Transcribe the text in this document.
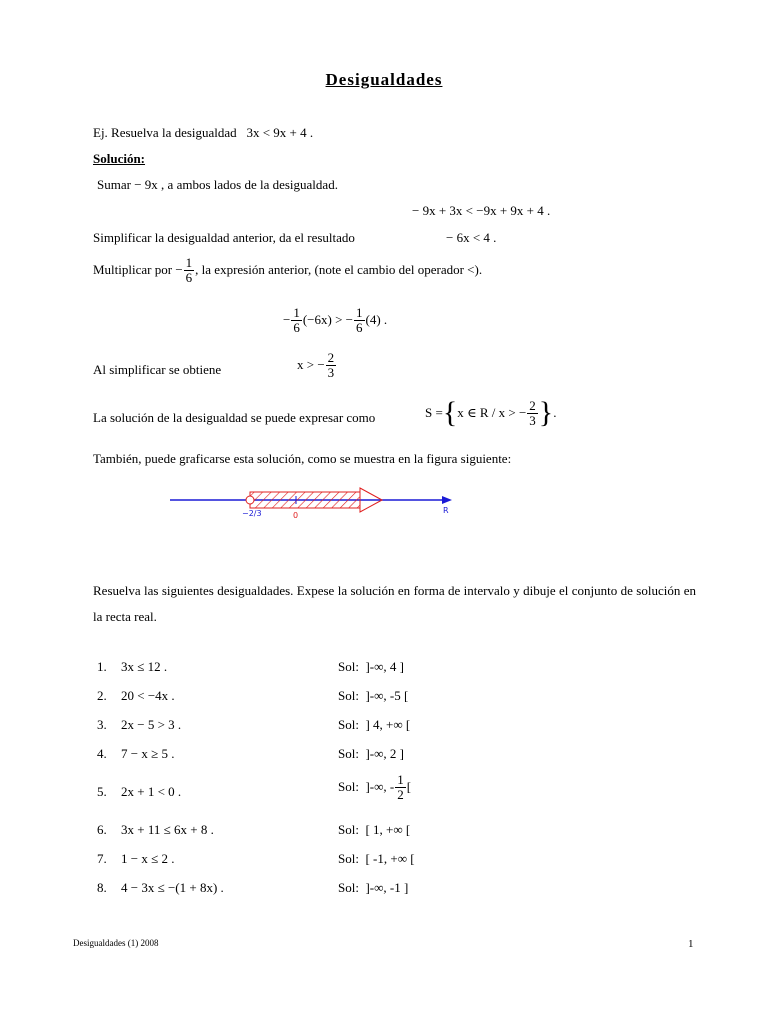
Desigualdades
Ej. Resuelva la desigualdad 3x < 9x + 4 .
Solución:
Sumar − 9x , a ambos lados de la desigualdad.
− 9x + 3x < −9x + 9x + 4 .
Simplificar la desigualdad anterior, da el resultado	− 6x < 4 .
Multiplicar por − $\frac{1}{6}$ , la expresión anterior, (note el cambio del operador <).
− $\frac{1}{6} (-6x)$ > − $\frac{1}{6} (4)$ .
Al simplificar se obtiene	x > − $\frac{2}{3}$
La solución de la desigualdad se puede expresar como	S ={x ∈ R / x > − $\frac{2}{3}$ }.
También, puede graficarse esta solución, como se muestra en la figura siguiente:
−2/3	0
R
Resuelva las siguientes desigualdades. Expese la solución en forma de intervalo y dibuje el conjunto de solución en la recta real.
1. 3x ≤ 12 .	Sol: ]-∞, 4 ]
2. 20 < −4x .	Sol: ]-∞, -5 [
3. 2x − 5 > 3 .	Sol: ] 4, +∞ [
4. 7 − x ≥ 5 .	Sol: ]-∞, 2 ]
5. 2x + 1 < 0 .	Sol: ]-∞, - $\frac{1}{2}$ [
6. 3x + 11 ≤ 6x + 8 .	Sol: [ 1, +∞ [
7. 1 − x ≤ 2 .	Sol: [ -1, +∞ [
8. 4 − 3x ≤ −(1 + 8x) .	Sol: ]-∞, -1 ]
Desigualdades (1) 2008	1
